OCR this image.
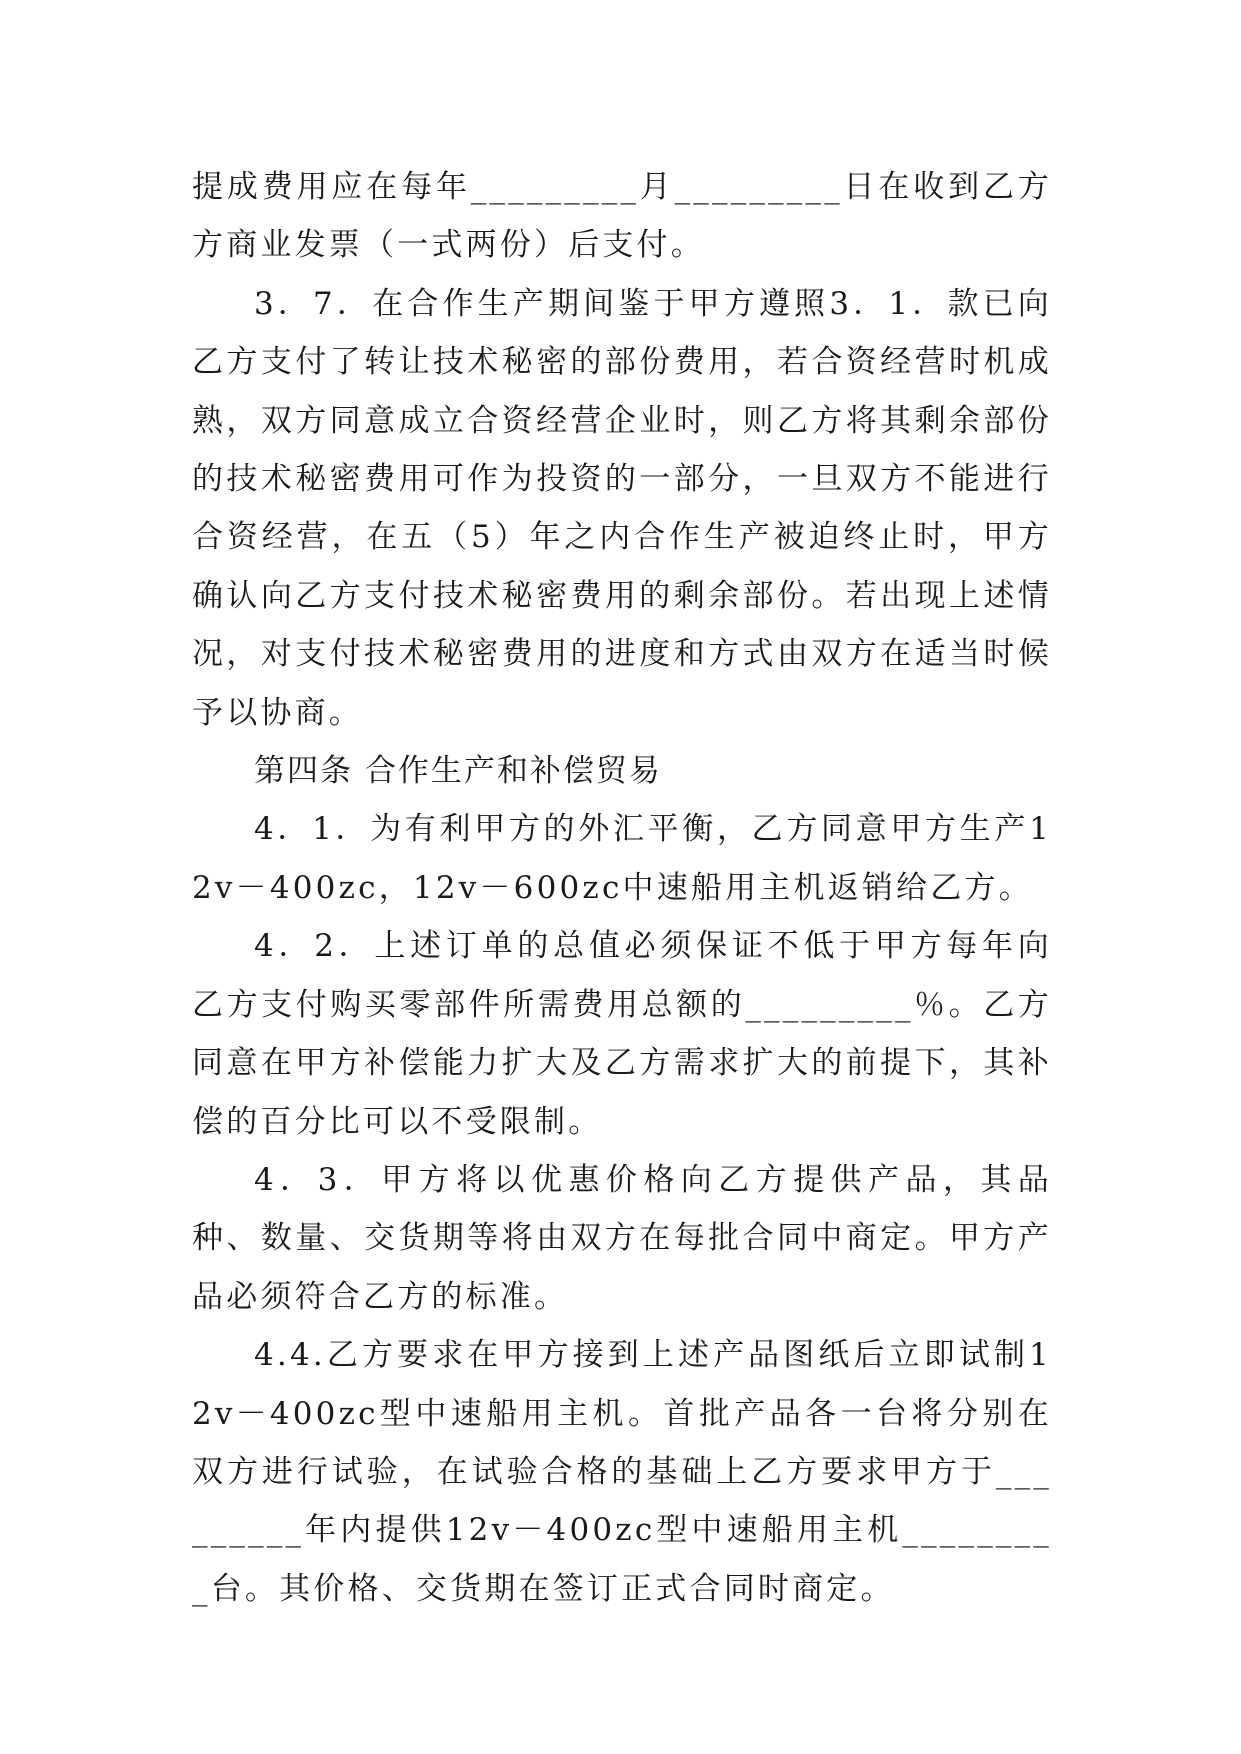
提成费用应在每年_________月_________日在收到乙方方商业发票（一式两份）后支付。

3．7．在合作生产期间鉴于甲方遵照3．1．款已向乙方支付了转让技术秘密的部份费用，若合资经营时机成熟，双方同意成立合资经营企业时，则乙方将其剩余部份的技术秘密费用可作为投资的一部分，一旦双方不能进行合资经营，在五（5）年之内合作生产被迫终止时，甲方确认向乙方支付技术秘密费用的剩余部份。若出现上述情况，对支付技术秘密费用的进度和方式由双方在适当时候予以协商。

第四条 合作生产和补偿贸易

4．1．为有利甲方的外汇平衡，乙方同意甲方生产12v－400zc，12v－600zc中速船用主机返销给乙方。

4．2．上述订单的总值必须保证不低于甲方每年向乙方支付购买零部件所需费用总额的_________％。乙方同意在甲方补偿能力扩大及乙方需求扩大的前提下，其补偿的百分比可以不受限制。

4．3．甲方将以优惠价格向乙方提供产品，其品种、数量、交货期等将由双方在每批合同中商定。甲方产品必须符合乙方的标准。

4.4.乙方要求在甲方接到上述产品图纸后立即试制12v－400zc型中速船用主机。首批产品各一台将分别在双方进行试验，在试验合格的基础上乙方要求甲方于_________年内提供12v－400zc型中速船用主机_________台。其价格、交货期在签订正式合同时商定。
